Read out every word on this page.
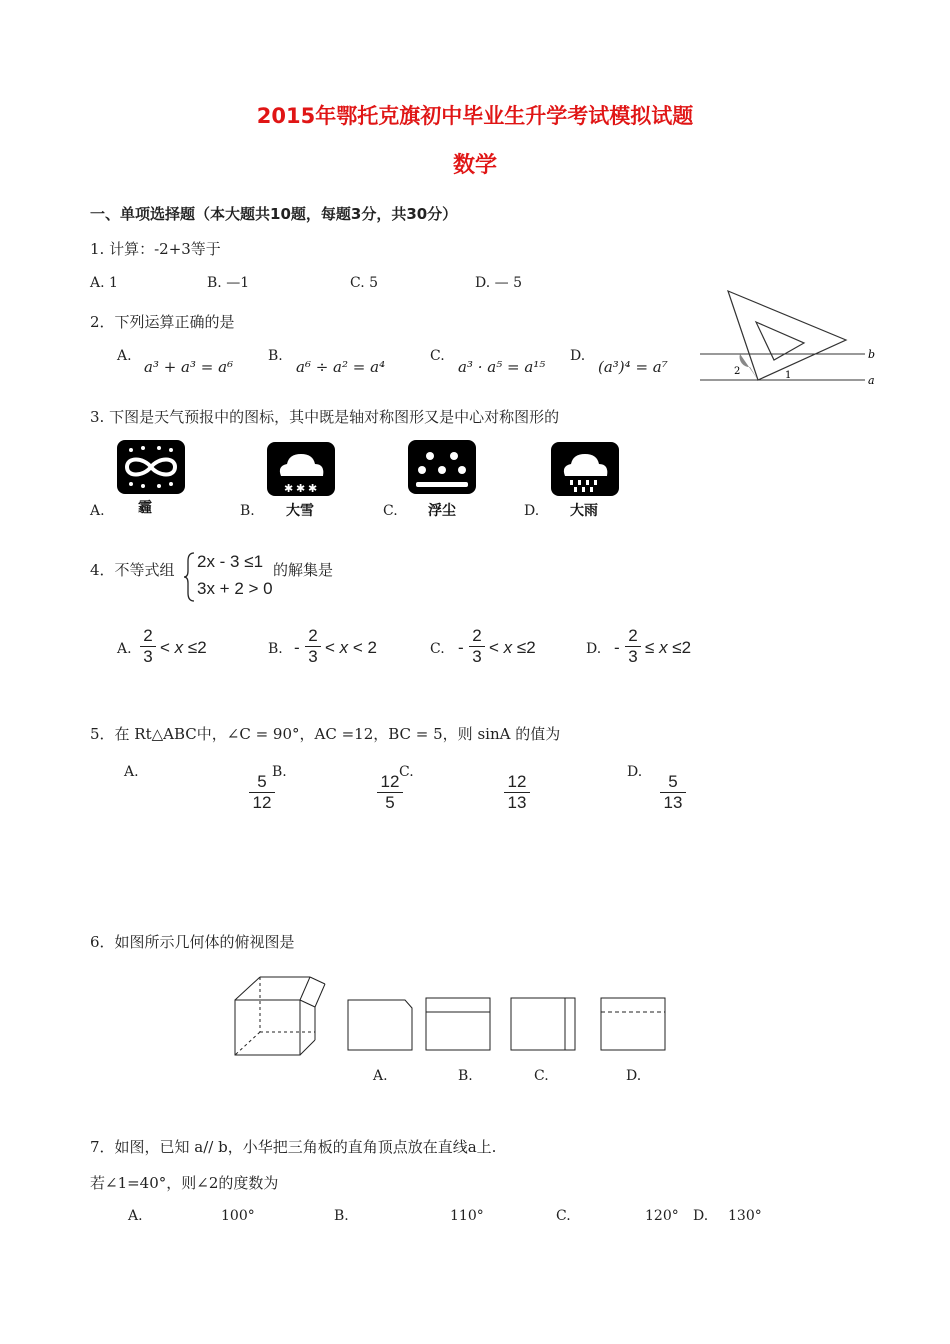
2015年鄂托克旗初中毕业生升学考试模拟试题
数学
一、单项选择题（本大题共10题，每题3分，共30分）
1. 计算：-2+3等于
A. 1	B. —1	C. 5	D. — 5
2．下列运算正确的是
A.
a³ + a³ = a⁶
B.
a⁶ ÷ a² = a⁴
C.
a³ · a⁵ = a¹⁵
D.
(a³)⁴ = a⁷
b
a
1
2
3. 下图是天气预报中的图标，其中既是轴对称图形又是中心对称图形的
霾
✱ ✱ ✱
大雪	浮尘	大雨
A.	B.	C.	D.
4．不等式组 2x - 3 ≤1
3x + 2 > 0
的解集是
A.
2
3 < x ≤2	B. -
2
3 < x < 2	C. -
2
3 < x ≤2	D. -
2
3 ≤ x ≤2
5．在 Rt△ABC中，∠C = 90°，AC =12，BC = 5，则 sinA 的值为
A.	5
12
B.	12
5
C.	12
13
D.	5
13
6．如图所示几何体的俯视图是
A.	B.	C.	D.
7．如图，已知 a// b，小华把三角板的直角顶点放在直线a上.
若∠1=40°，则∠2的度数为
A.	100°	B.	110°	C.	120° D. 130°
